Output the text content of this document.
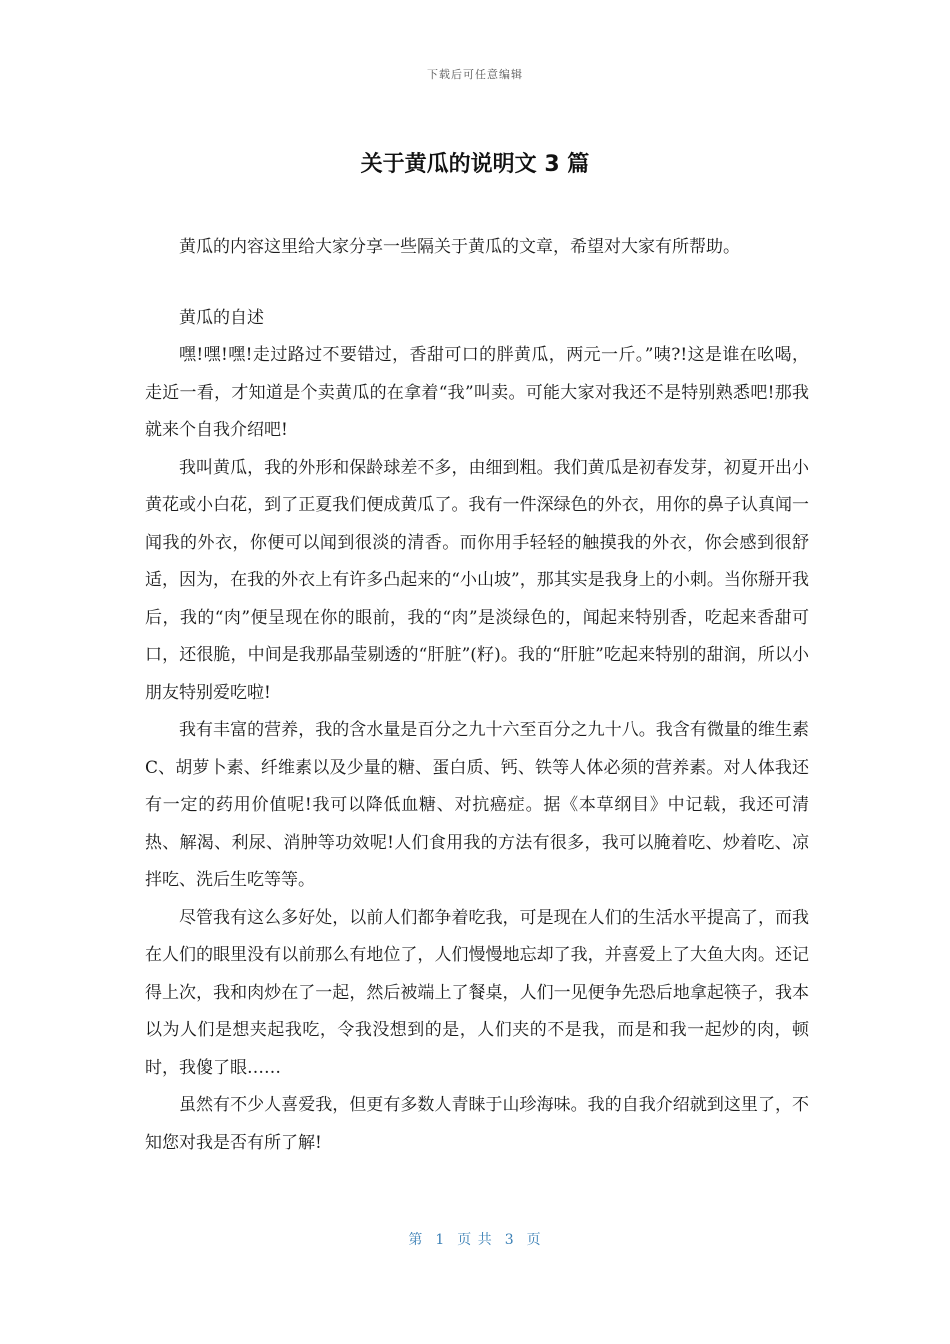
下载后可任意编辑
关于黄瓜的说明文 3 篇

黄瓜的内容这里给大家分享一些隔关于黄瓜的文章，希望对大家有所帮助。

黄瓜的自述

嘿!嘿!嘿!走过路过不要错过，香甜可口的胖黄瓜，两元一斤。”咦?!这是谁在吆喝，走近一看，才知道是个卖黄瓜的在拿着“我”叫卖。可能大家对我还不是特别熟悉吧!那我就来个自我介绍吧!

我叫黄瓜，我的外形和保龄球差不多，由细到粗。我们黄瓜是初春发芽，初夏开出小黄花或小白花，到了正夏我们便成黄瓜了。我有一件深绿色的外衣，用你的鼻子认真闻一闻我的外衣，你便可以闻到很淡的清香。而你用手轻轻的触摸我的外衣，你会感到很舒适，因为，在我的外衣上有许多凸起来的“小山坡”，那其实是我身上的小刺。当你掰开我后，我的“肉”便呈现在你的眼前，我的“肉”是淡绿色的，闻起来特别香，吃起来香甜可口，还很脆，中间是我那晶莹剔透的“肝脏”(籽)。我的“肝脏”吃起来特别的甜润，所以小朋友特别爱吃啦!

我有丰富的营养，我的含水量是百分之九十六至百分之九十八。我含有微量的维生素 C、胡萝卜素、纤维素以及少量的糖、蛋白质、钙、铁等人体必须的营养素。对人体我还有一定的药用价值呢!我可以降低血糖、对抗癌症。据《本草纲目》中记载，我还可清热、解渴、利尿、消肿等功效呢!人们食用我的方法有很多，我可以腌着吃、炒着吃、凉拌吃、洗后生吃等等。

尽管我有这么多好处，以前人们都争着吃我，可是现在人们的生活水平提高了，而我在人们的眼里没有以前那么有地位了，人们慢慢地忘却了我，并喜爱上了大鱼大肉。还记得上次，我和肉炒在了一起，然后被端上了餐桌，人们一见便争先恐后地拿起筷子，我本以为人们是想夹起我吃，令我没想到的是，人们夹的不是我，而是和我一起炒的肉，顿时，我傻了眼……

虽然有不少人喜爱我，但更有多数人青睐于山珍海味。我的自我介绍就到这里了，不知您对我是否有所了解!

第 1 页 共 3 页
